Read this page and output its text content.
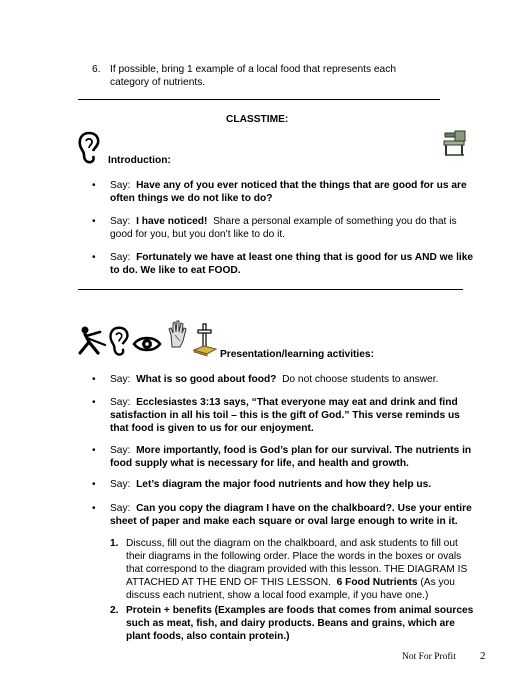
6. If possible, bring 1 example of a local food that represents each category of nutrients.
CLASSTIME:
Introduction:
• Say: Have any of you ever noticed that the things that are good for us are often things we do not like to do?
• Say: I have noticed! Share a personal example of something you do that is good for you, but you don’t like to do it.
• Say: Fortunately we have at least one thing that is good for us AND we like to do. We like to eat FOOD.
Presentation/learning activities:
• Say: What is so good about food? Do not choose students to answer.
• Say: Ecclesiastes 3:13 says, “That everyone may eat and drink and find satisfaction in all his toil – this is the gift of God.” This verse reminds us that food is given to us for our enjoyment.
• Say: More importantly, food is God’s plan for our survival. The nutrients in food supply what is necessary for life, and health and growth.
• Say: Let’s diagram the major food nutrients and how they help us.
• Say: Can you copy the diagram I have on the chalkboard?. Use your entire sheet of paper and make each square or oval large enough to write in it.
1. Discuss, fill out the diagram on the chalkboard, and ask students to fill out their diagrams in the following order. Place the words in the boxes or ovals that correspond to the diagram provided with this lesson. THE DIAGRAM IS ATTACHED AT THE END OF THIS LESSON. 6 Food Nutrients (As you discuss each nutrient, show a local food example, if you have one.)
2. Protein + benefits (Examples are foods that comes from animal sources such as meat, fish, and dairy products. Beans and grains, which are plant foods, also contain protein.)
Not For Profit 2
